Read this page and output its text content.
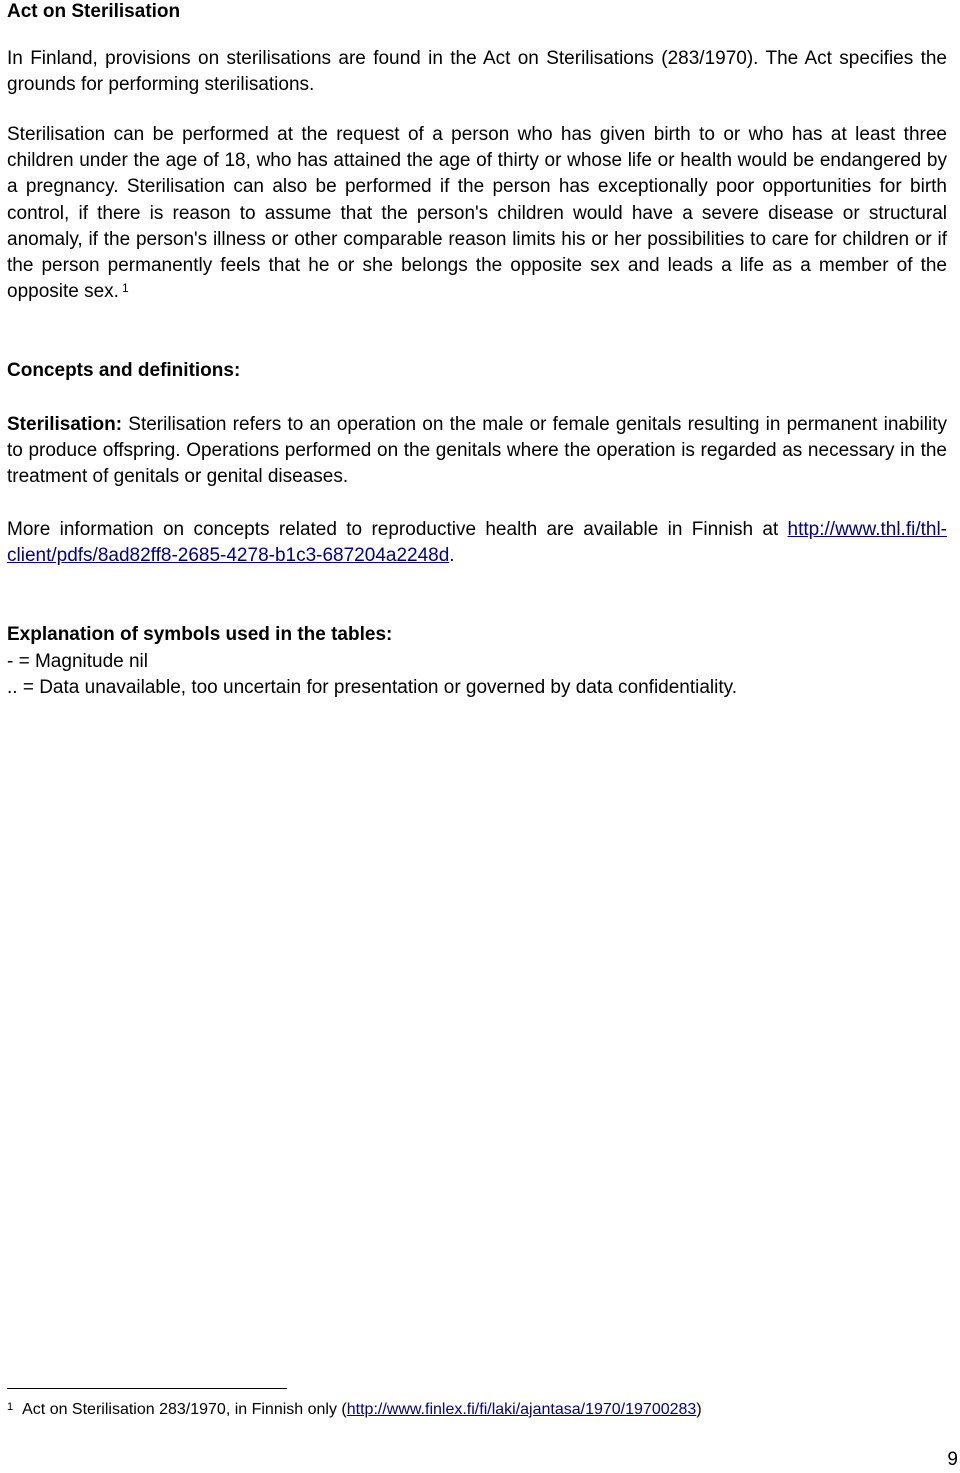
Act on Sterilisation

In Finland, provisions on sterilisations are found in the Act on Sterilisations (283/1970). The Act specifies the grounds for performing sterilisations.

Sterilisation can be performed at the request of a person who has given birth to or who has at least three children under the age of 18, who has attained the age of thirty or whose life or health would be endangered by a pregnancy. Sterilisation can also be performed if the person has exceptionally poor opportunities for birth control, if there is reason to assume that the person's children would have a severe disease or structural anomaly, if the person's illness or other comparable reason limits his or her possibilities to care for children or if the person permanently feels that he or she belongs the opposite sex and leads a life as a member of the opposite sex. $^1$

Concepts and definitions:

Sterilisation: Sterilisation refers to an operation on the male or female genitals resulting in permanent inability to produce offspring. Operations performed on the genitals where the operation is regarded as necessary in the treatment of genitals or genital diseases.

More information on concepts related to reproductive health are available in Finnish at http://www.thl.fi/thl-client/pdfs/8ad82ff8-2685-4278-b1c3-687204a2248d.

Explanation of symbols used in the tables:

- = Magnitude nil

.. = Data unavailable, too uncertain for presentation or governed by data confidentiality.

$^1$ Act on Sterilisation 283/1970, in Finnish only (http://www.finlex.fi/fi/laki/ajantasa/1970/19700283)
9
